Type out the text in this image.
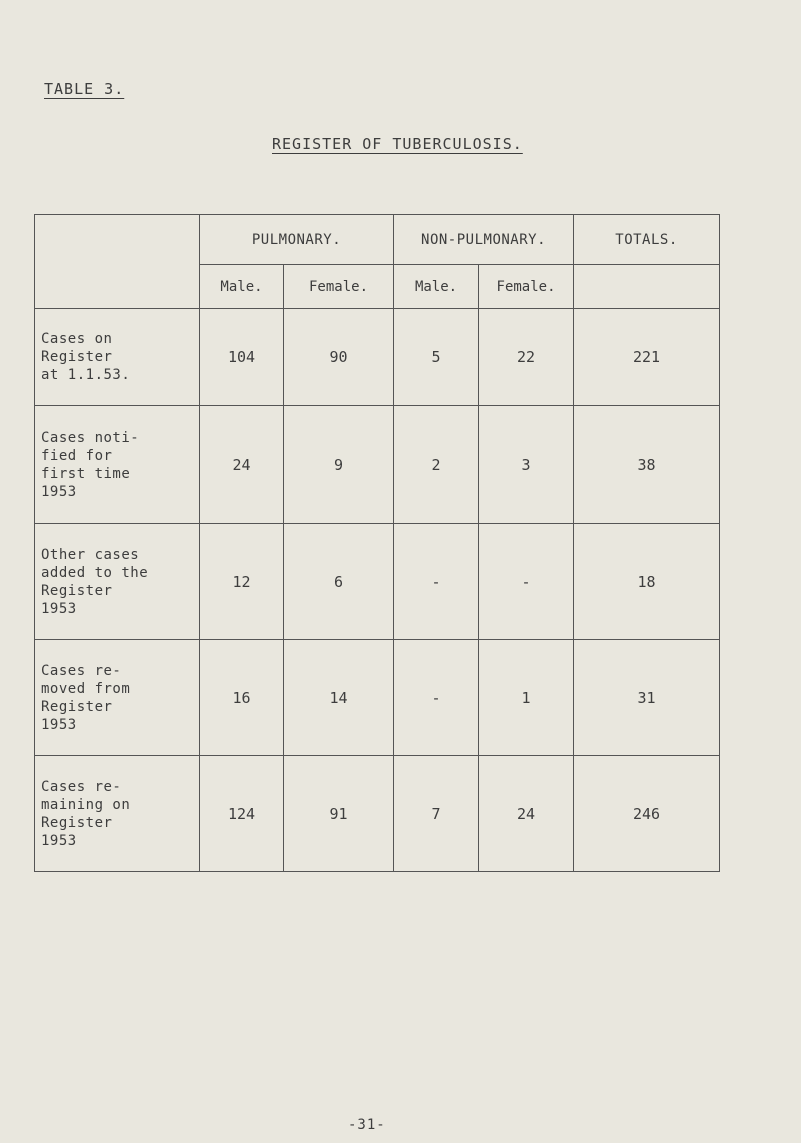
TABLE 3.
REGISTER OF TUBERCULOSIS.
	PULMONARY.		NON-PULMONARY.		TOTALS.
	Male.	Female.	Male.	Female.	
Cases on
Register
at 1.1.53.	104	90	5	22	221
Cases noti-
fied for
first time
1953	24	9	2	3	38
Other cases
added to the
Register
1953	12	6	-	-	18
Cases re-
moved from
Register
1953	16	14	-	1	31
Cases re-
maining on
Register
1953	124	91	7	24	246
-31-
